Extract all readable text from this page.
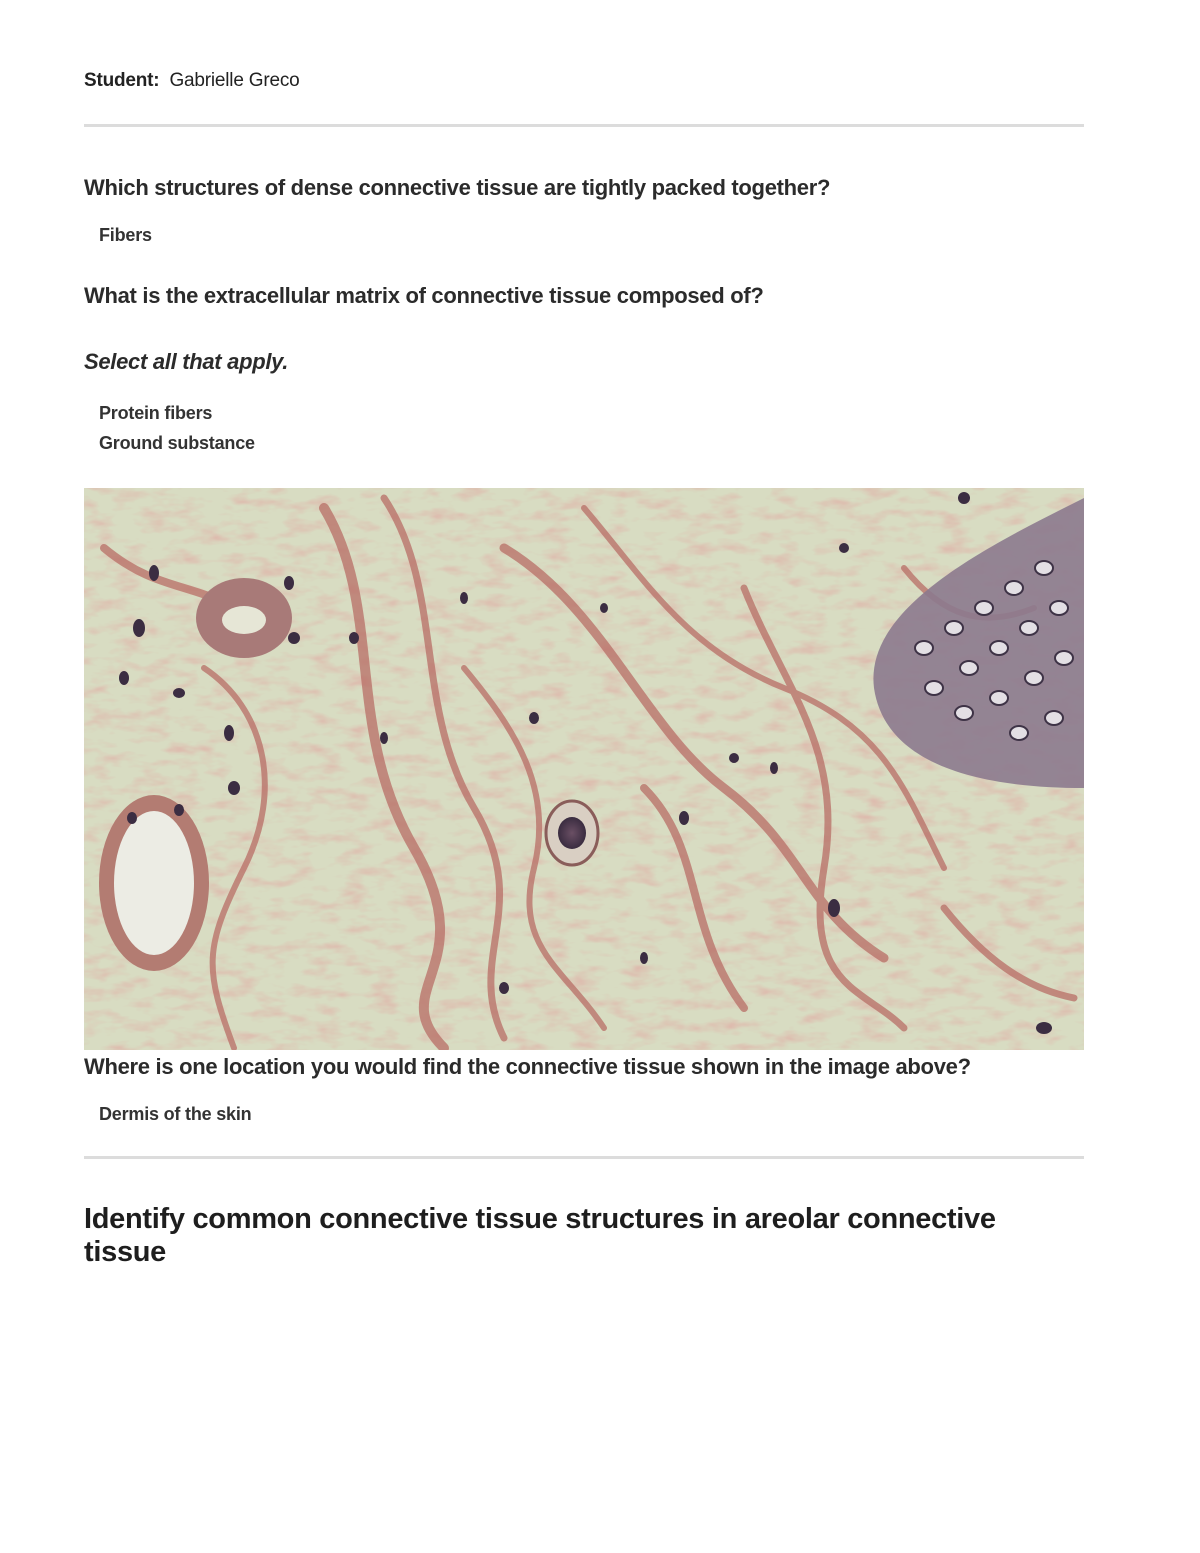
Student: Gabrielle Greco
Which structures of dense connective tissue are tightly packed together?
Fibers
What is the extracellular matrix of connective tissue composed of?
Select all that apply.
Protein fibers
Ground substance
Where is one location you would find the connective tissue shown in the image above?
Dermis of the skin
Identify common connective tissue structures in areolar connective tissue
